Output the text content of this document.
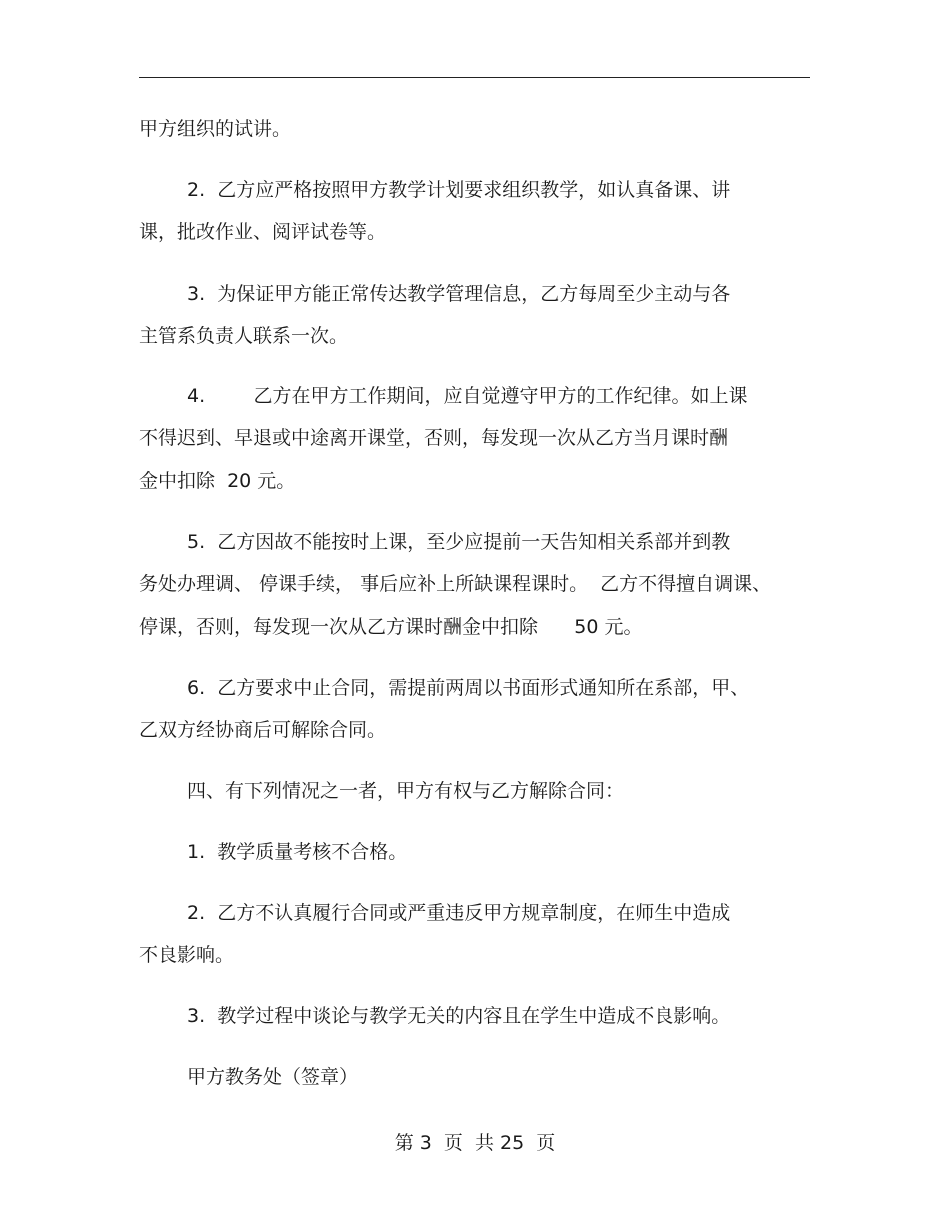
甲方组织的试讲。
2.  乙方应严格按照甲方教学计划要求组织教学，如认真备课、讲
课，批改作业、阅评试卷等。
3.  为保证甲方能正常传达教学管理信息，乙方每周至少主动与各
主管系负责人联系一次。
4.        乙方在甲方工作期间，应自觉遵守甲方的工作纪律。如上课
不得迟到、早退或中途离开课堂，否则，每发现一次从乙方当月课时酬
金中扣除  20 元。
5.  乙方因故不能按时上课，至少应提前一天告知相关系部并到教
务处办理调、 停课手续， 事后应补上所缺课程课时。  乙方不得擅自调课、
停课，否则，每发现一次从乙方课时酬金中扣除      50 元。
6.  乙方要求中止合同，需提前两周以书面形式通知所在系部，甲、
乙双方经协商后可解除合同。
四、有下列情况之一者，甲方有权与乙方解除合同：
1.  教学质量考核不合格。
2.  乙方不认真履行合同或严重违反甲方规章制度，在师生中造成
不良影响。
3.  教学过程中谈论与教学无关的内容且在学生中造成不良影响。
甲方教务处（签章）
第 3  页  共 25  页
